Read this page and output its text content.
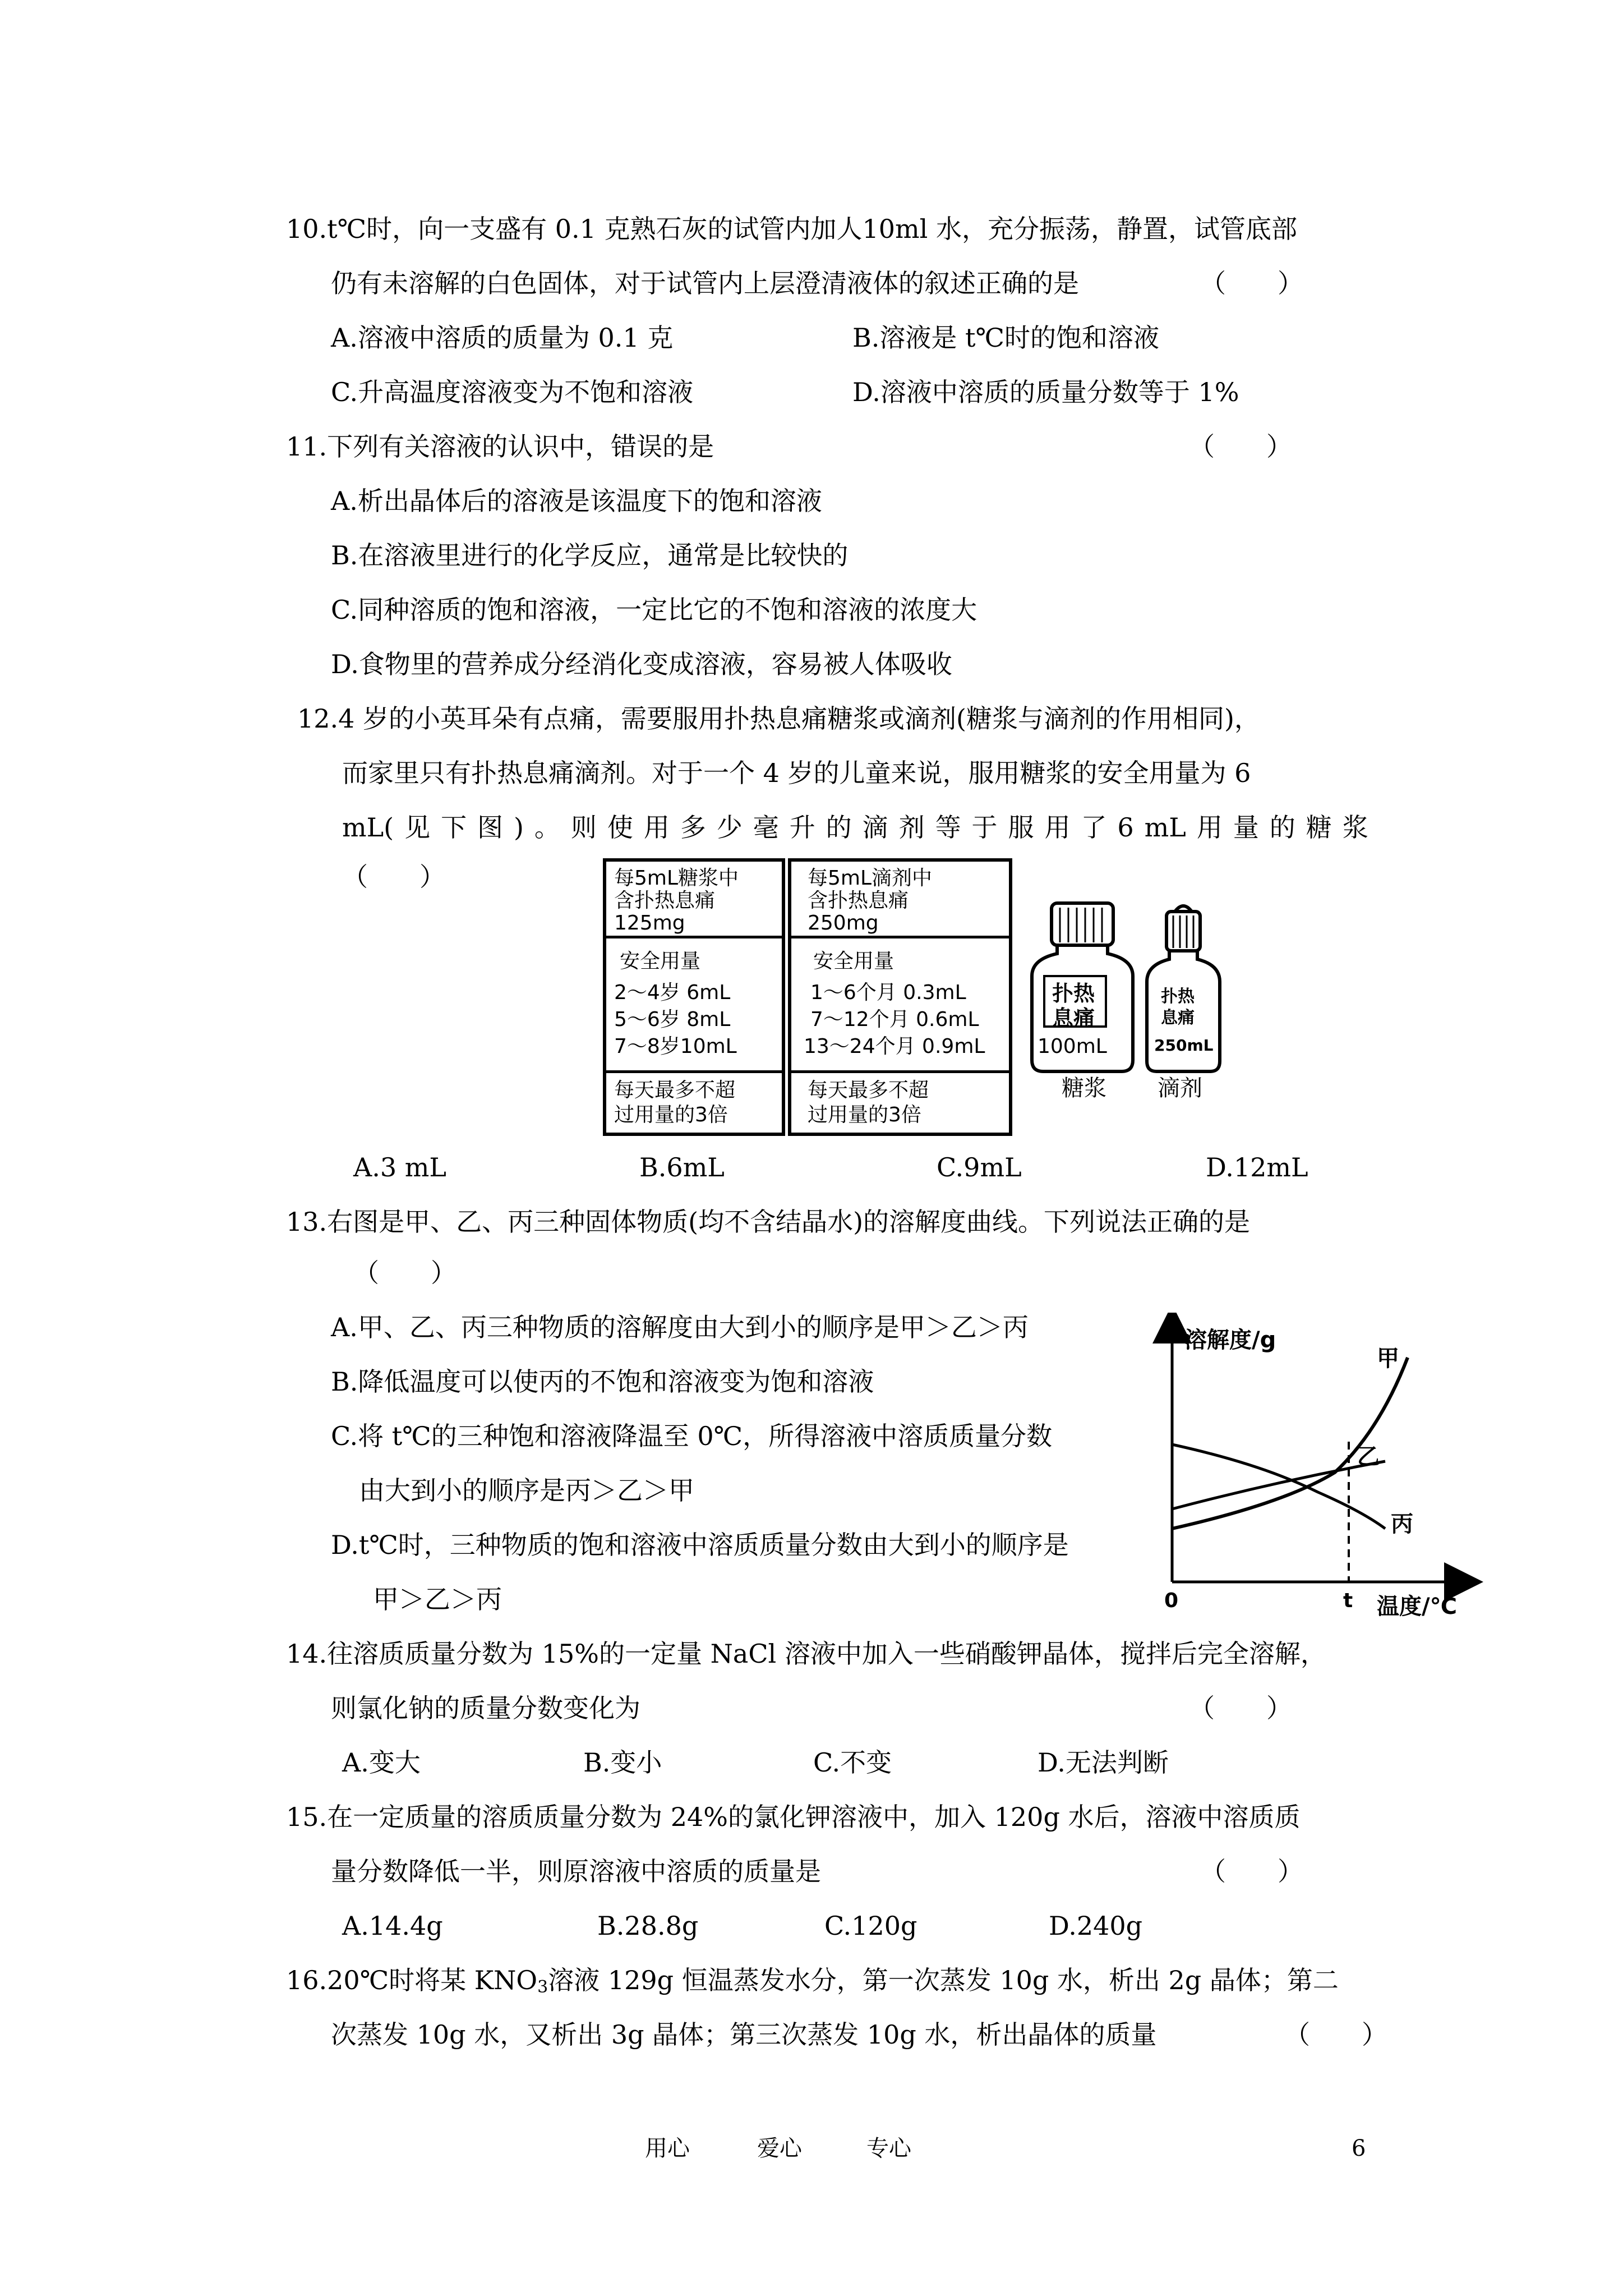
10.t℃时，向一支盛有 0.1 克熟石灰的试管内加人10ml 水，充分振荡，静置，试管底部
仍有未溶解的白色固体，对于试管内上层澄清液体的叙述正确的是	（　　）
A.溶液中溶质的质量为 0.1 克	B.溶液是 t℃时的饱和溶液
C.升高温度溶液变为不饱和溶液	D.溶液中溶质的质量分数等于 1%
11.下列有关溶液的认识中，错误的是	（　　）
A.析出晶体后的溶液是该温度下的饱和溶液
B.在溶液里进行的化学反应，通常是比较快的
C.同种溶质的饱和溶液，一定比它的不饱和溶液的浓度大
D.食物里的营养成分经消化变成溶液，容易被人体吸收
12.4 岁的小英耳朵有点痛，需要服用扑热息痛糖浆或滴剂(糖浆与滴剂的作用相同)，
而家里只有扑热息痛滴剂。对于一个 4 岁的儿童来说，服用糖浆的安全用量为 6
mL( 见 下 图 ) 。 则 使 用 多 少 毫 升 的 滴 剂 等 于 服 用 了 6 mL 用 量 的 糖 浆
（　　）	每5mL糖浆中
含扑热息痛
125mg
安全用量
2～4岁 6mL
5～6岁 8mL
7～8岁10mL
每天最多不超
过用量的3倍
每5mL滴剂中
含扑热息痛
250mg
安全用量
1～6个月 0.3mL
7～12个月 0.6mL
13～24个月 0.9mL
每天最多不超
过用量的3倍
扑热
息痛
100mL
糖浆
扑热
息痛
250mL
滴剂
A.3 mL	B.6mL	C.9mL	D.12mL
13.右图是甲、乙、丙三种固体物质(均不含结晶水)的溶解度曲线。下列说法正确的是
（　　）
A.甲、乙、丙三种物质的溶解度由大到小的顺序是甲＞乙＞丙
B.降低温度可以使丙的不饱和溶液变为饱和溶液
C.将 t℃的三种饱和溶液降温至 0℃，所得溶液中溶质质量分数
由大到小的顺序是丙＞乙＞甲
D.t℃时，三种物质的饱和溶液中溶质质量分数由大到小的顺序是
甲＞乙＞丙
溶解度/g
温度/℃
0	t
甲
乙
丙
14.往溶质质量分数为 15%的一定量 NaCl 溶液中加入一些硝酸钾晶体，搅拌后完全溶解，
则氯化钠的质量分数变化为	（　　）
A.变大	B.变小	C.不变	D.无法判断
15.在一定质量的溶质质量分数为 24%的氯化钾溶液中，加入 120g 水后，溶液中溶质质
量分数降低一半，则原溶液中溶质的质量是	（　　）
A.14.4g	B.28.8g	C.120g	D.240g
16.20℃时将某 $KNO_3$溶液 129g 恒温蒸发水分，第一次蒸发 10g 水，析出 2g 晶体；第二
次蒸发 10g 水，又析出 3g 晶体；第三次蒸发 10g 水，析出晶体的质量	（　　）
用心	爱心	专心	6
